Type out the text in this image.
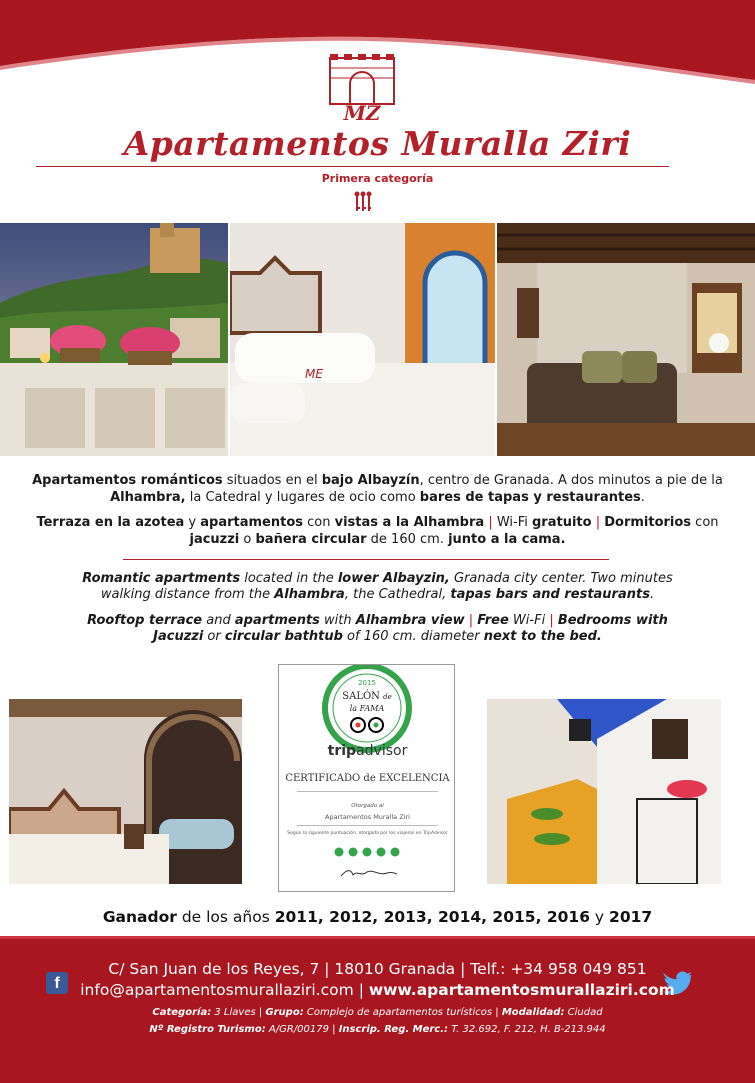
MZ
Apartamentos Muralla Ziri
Primera categoría
ME
Apartamentos románticos situados en el bajo Albayzín, centro de Granada. A dos minutos a pie de la Alhambra, la Catedral y lugares de ocio como bares de tapas y restaurantes.
Terraza en la azotea y apartamentos con vistas a la Alhambra | Wi-Fi gratuito | Dormitorios con jacuzzi o bañera circular de 160 cm. junto a la cama.
Romantic apartments located in the lower Albayzin, Granada city center. Two minutes walking distance from the Alhambra, the Cathedral, tapas bars and restaurants.
Rooftop terrace and apartments with Alhambra view | Free Wi-Fi | Bedrooms with Jacuzzi or circular bathtub of 160 cm. diameter next to the bed.
2015
SALÓN de
la FAMA
tripadvisor
CERTIFICADO de EXCELENCIA
Otorgado al
Apartamentos Muralla Ziri
Según la siguiente puntuación, otorgada por los viajeros en TripAdvisor
Ganador de los años 2011, 2012, 2013, 2014, 2015, 2016 y 2017
f
C/ San Juan de los Reyes, 7 | 18010 Granada | Telf.: +34 958 049 851
info@apartamentosmurallaziri.com | www.apartamentosmurallaziri.com
Categoría: 3 Llaves | Grupo: Complejo de apartamentos turísticos | Modalidad: Ciudad
Nº Registro Turismo: A/GR/00179 | Inscrip. Reg. Merc.: T. 32.692, F. 212, H. B-213.944
